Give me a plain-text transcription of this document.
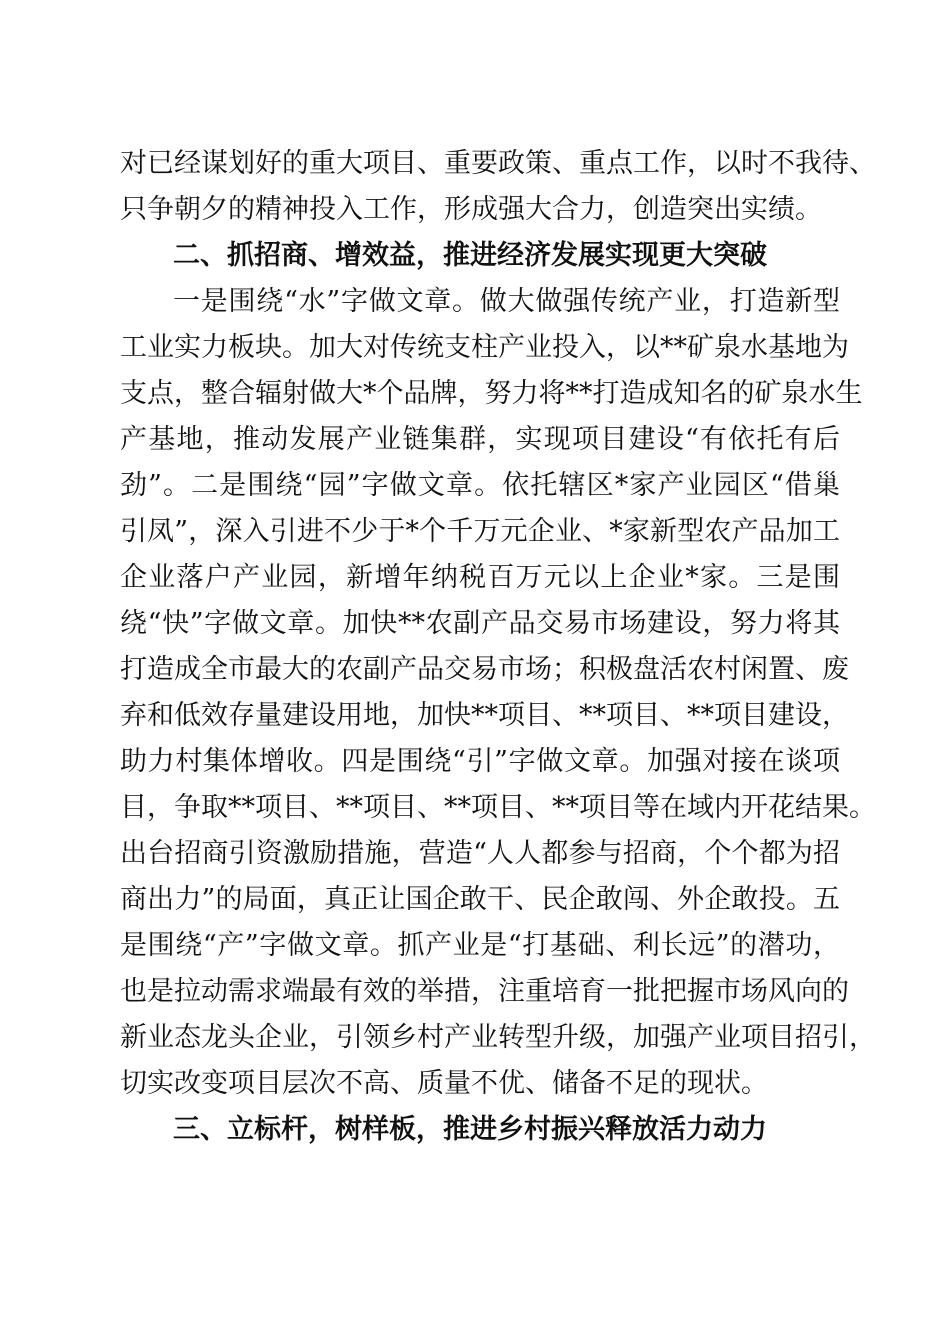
对已经谋划好的重大项目、重要政策、重点工作，以时不我待、
只争朝夕的精神投入工作，形成强大合力，创造突出实绩。
二、抓招商、增效益，推进经济发展实现更大突破
一是围绕“水”字做文章。做大做强传统产业，打造新型
工业实力板块。加大对传统支柱产业投入，以**矿泉水基地为
支点，整合辐射做大*个品牌，努力将**打造成知名的矿泉水生
产基地，推动发展产业链集群，实现项目建设“有依托有后
劲”。二是围绕“园”字做文章。依托辖区*家产业园区“借巢
引凤”，深入引进不少于*个千万元企业、*家新型农产品加工
企业落户产业园，新增年纳税百万元以上企业*家。三是围
绕“快”字做文章。加快**农副产品交易市场建设，努力将其
打造成全市最大的农副产品交易市场；积极盘活农村闲置、废
弃和低效存量建设用地，加快**项目、**项目、**项目建设，
助力村集体增收。四是围绕“引”字做文章。加强对接在谈项
目，争取**项目、**项目、**项目、**项目等在域内开花结果。
出台招商引资激励措施，营造“人人都参与招商，个个都为招
商出力”的局面，真正让国企敢干、民企敢闯、外企敢投。五
是围绕“产”字做文章。抓产业是“打基础、利长远”的潜功，
也是拉动需求端最有效的举措，注重培育一批把握市场风向的
新业态龙头企业，引领乡村产业转型升级，加强产业项目招引，
切实改变项目层次不高、质量不优、储备不足的现状。
三、立标杆，树样板，推进乡村振兴释放活力动力
